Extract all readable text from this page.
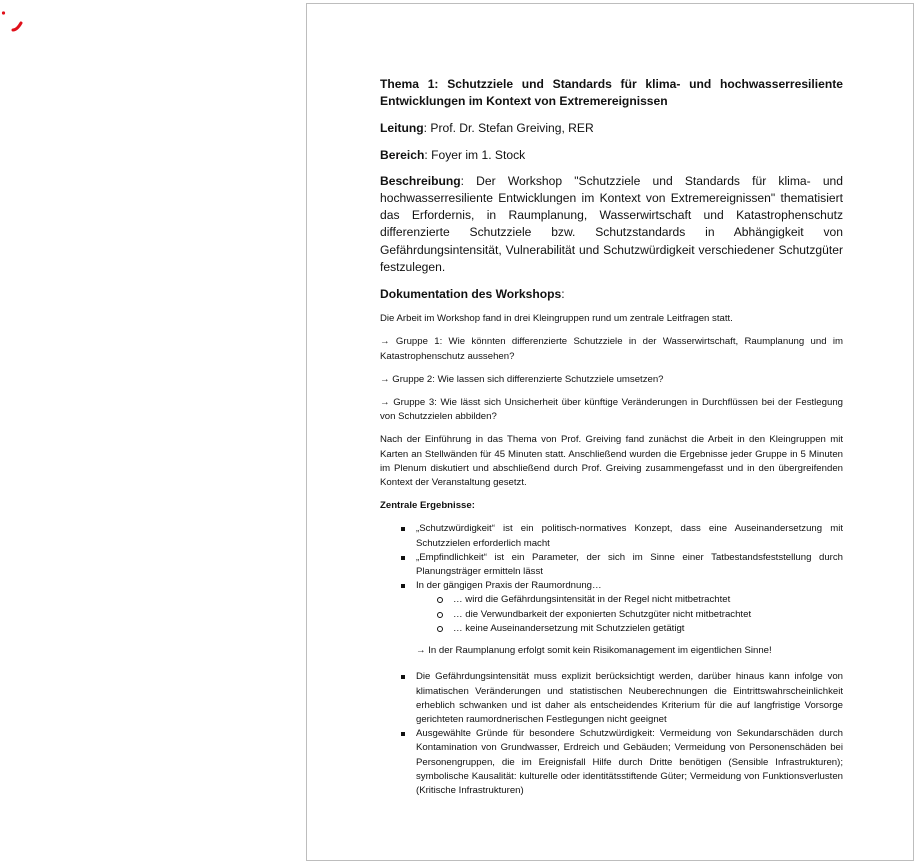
Thema 1: Schutzziele und Standards für klima- und hochwasserresiliente Entwicklungen im Kontext von Extremereignissen

Leitung: Prof. Dr. Stefan Greiving, RER

Bereich: Foyer im 1. Stock

Beschreibung: Der Workshop "Schutzziele und Standards für klima- und hochwasserresiliente Entwicklungen im Kontext von Extremereignissen" thematisiert das Erfordernis, in Raumplanung, Wasserwirtschaft und Katastrophenschutz differenzierte Schutzziele bzw. Schutzstandards in Abhängigkeit von Gefährdungsintensität, Vulnerabilität und Schutzwürdigkeit verschiedener Schutzgüter festzulegen.

Dokumentation des Workshops:

Die Arbeit im Workshop fand in drei Kleingruppen rund um zentrale Leitfragen statt.

→ Gruppe 1: Wie könnten differenzierte Schutzziele in der Wasserwirtschaft, Raumplanung und im Katastrophenschutz aussehen?

→ Gruppe 2: Wie lassen sich differenzierte Schutzziele umsetzen?

→ Gruppe 3: Wie lässt sich Unsicherheit über künftige Veränderungen in Durchflüssen bei der Festlegung von Schutzzielen abbilden?

Nach der Einführung in das Thema von Prof. Greiving fand zunächst die Arbeit in den Kleingruppen mit Karten an Stellwänden für 45 Minuten statt. Anschließend wurden die Ergebnisse jeder Gruppe in 5 Minuten im Plenum diskutiert und abschließend durch Prof. Greiving zusammengefasst und in den übergreifenden Kontext der Veranstaltung gesetzt.

Zentrale Ergebnisse:

„Schutzwürdigkeit“ ist ein politisch-normatives Konzept, dass eine Auseinandersetzung mit Schutzzielen erforderlich macht
„Empfindlichkeit“ ist ein Parameter, der sich im Sinne einer Tatbestandsfeststellung durch Planungsträger ermitteln lässt
In der gängigen Praxis der Raumordnung…
… wird die Gefährdungsintensität in der Regel nicht mitbetrachtet
… die Verwundbarkeit der exponierten Schutzgüter nicht mitbetrachtet
… keine Auseinandersetzung mit Schutzzielen getätigt

→ In der Raumplanung erfolgt somit kein Risikomanagement im eigentlichen Sinne!

Die Gefährdungsintensität muss explizit berücksichtigt werden, darüber hinaus kann infolge von klimatischen Veränderungen und statistischen Neuberechnungen die Eintrittswahrscheinlichkeit erheblich schwanken und ist daher als entscheidendes Kriterium für die auf langfristige Vorsorge gerichteten raumordnerischen Festlegungen nicht geeignet
Ausgewählte Gründe für besondere Schutzwürdigkeit: Vermeidung von Sekundarschäden durch Kontamination von Grundwasser, Erdreich und Gebäuden; Vermeidung von Personenschäden bei Personengruppen, die im Ereignisfall Hilfe durch Dritte benötigen (Sensible Infrastrukturen); symbolische Kausalität: kulturelle oder identitätsstiftende Güter; Vermeidung von Funktionsverlusten (Kritische Infrastrukturen)
